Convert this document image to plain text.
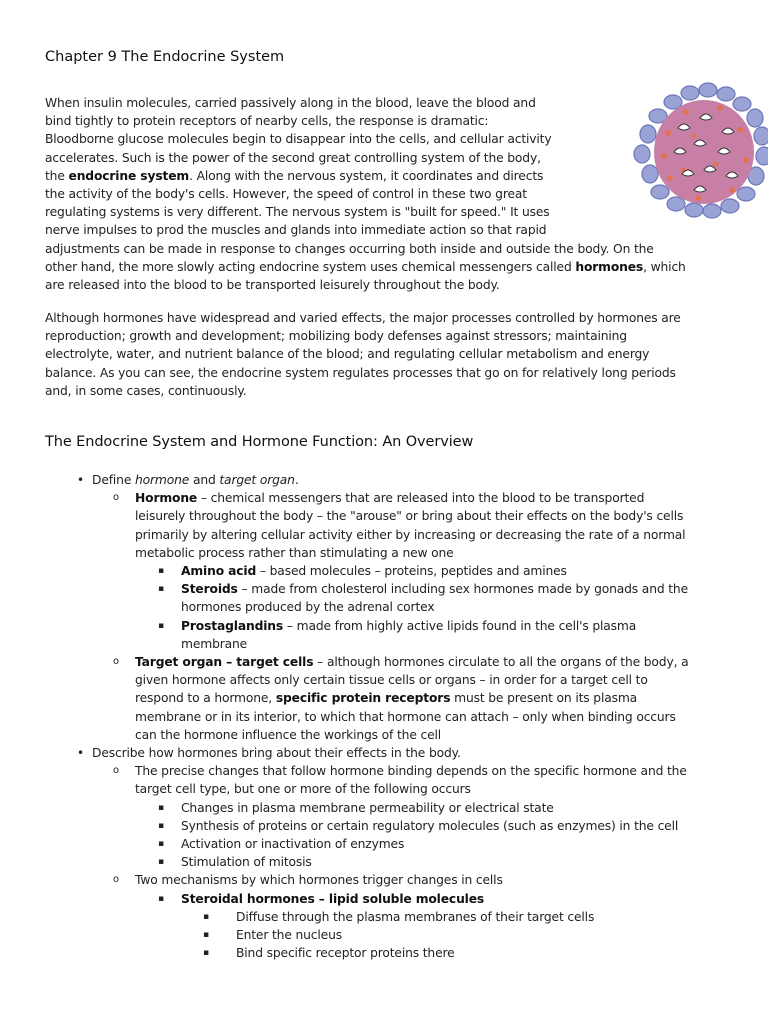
Chapter 9 The Endocrine System
When insulin molecules, carried passively along in the blood, leave the blood and
bind tightly to protein receptors of nearby cells, the response is dramatic:
Bloodborne glucose molecules begin to disappear into the cells, and cellular activity
accelerates. Such is the power of the second great controlling system of the body,
the endocrine system. Along with the nervous system, it coordinates and directs
the activity of the body's cells. However, the speed of control in these two great
regulating systems is very different. The nervous system is "built for speed." It uses
nerve impulses to prod the muscles and glands into immediate action so that rapid
adjustments can be made in response to changes occurring both inside and outside the body. On the
other hand, the more slowly acting endocrine system uses chemical messengers called hormones, which
are released into the blood to be transported leisurely throughout the body.
Although hormones have widespread and varied effects, the major processes controlled by hormones are
reproduction; growth and development; mobilizing body defenses against stressors; maintaining
electrolyte, water, and nutrient balance of the blood; and regulating cellular metabolism and energy
balance. As you can see, the endocrine system regulates processes that go on for relatively long periods
and, in some cases, continuously.
The Endocrine System and Hormone Function: An Overview
• Define hormone and target organ.
o Hormone – chemical messengers that are released into the blood to be transported
leisurely throughout the body – the "arouse" or bring about their effects on the body's cells
primarily by altering cellular activity either by increasing or decreasing the rate of a normal
metabolic process rather than stimulating a new one
▪ Amino acid – based molecules – proteins, peptides and amines
▪ Steroids – made from cholesterol including sex hormones made by gonads and the
hormones produced by the adrenal cortex
▪ Prostaglandins – made from highly active lipids found in the cell's plasma
membrane
o Target organ – target cells – although hormones circulate to all the organs of the body, a
given hormone affects only certain tissue cells or organs – in order for a target cell to
respond to a hormone, specific protein receptors must be present on its plasma
membrane or in its interior, to which that hormone can attach – only when binding occurs
can the hormone influence the workings of the cell
• Describe how hormones bring about their effects in the body.
o The precise changes that follow hormone binding depends on the specific hormone and the
target cell type, but one or more of the following occurs
▪ Changes in plasma membrane permeability or electrical state
▪ Synthesis of proteins or certain regulatory molecules (such as enzymes) in the cell
▪ Activation or inactivation of enzymes
▪ Stimulation of mitosis
o Two mechanisms by which hormones trigger changes in cells
▪ Steroidal hormones – lipid soluble molecules
▪ Diffuse through the plasma membranes of their target cells
▪ Enter the nucleus
▪ Bind specific receptor proteins there
